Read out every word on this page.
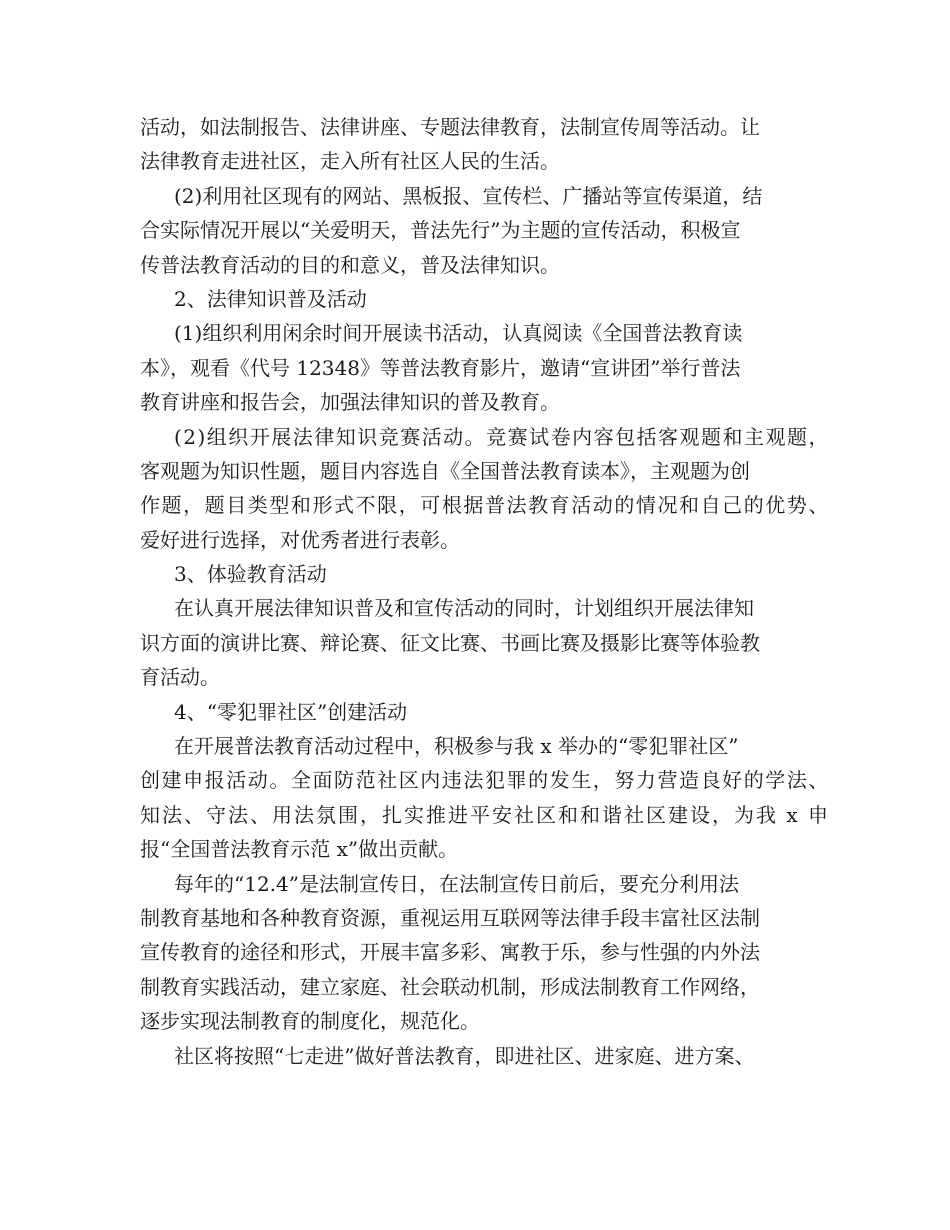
活动，如法制报告、法律讲座、专题法律教育，法制宣传周等活动。让
法律教育走进社区，走入所有社区人民的生活。
(2)利用社区现有的网站、黑板报、宣传栏、广播站等宣传渠道，结
合实际情况开展以“关爱明天，普法先行”为主题的宣传活动，积极宣
传普法教育活动的目的和意义，普及法律知识。
2、法律知识普及活动
(1)组织利用闲余时间开展读书活动，认真阅读《全国普法教育读
本》，观看《代号 12348》等普法教育影片，邀请“宣讲团”举行普法
教育讲座和报告会，加强法律知识的普及教育。
(2)组织开展法律知识竞赛活动。竞赛试卷内容包括客观题和主观题，
客观题为知识性题，题目内容选自《全国普法教育读本》，主观题为创
作题，题目类型和形式不限，可根据普法教育活动的情况和自己的优势、
爱好进行选择，对优秀者进行表彰。
3、体验教育活动
在认真开展法律知识普及和宣传活动的同时，计划组织开展法律知
识方面的演讲比赛、辩论赛、征文比赛、书画比赛及摄影比赛等体验教
育活动。
4、“零犯罪社区”创建活动
在开展普法教育活动过程中，积极参与我 x 举办的“零犯罪社区”
创建申报活动。全面防范社区内违法犯罪的发生，努力营造良好的学法、
知法、守法、用法氛围，扎实推进平安社区和和谐社区建设，为我 x 申
报“全国普法教育示范 x”做出贡献。
每年的“12.4”是法制宣传日，在法制宣传日前后，要充分利用法
制教育基地和各种教育资源，重视运用互联网等法律手段丰富社区法制
宣传教育的途径和形式，开展丰富多彩、寓教于乐，参与性强的内外法
制教育实践活动，建立家庭、社会联动机制，形成法制教育工作网络，
逐步实现法制教育的制度化，规范化。
社区将按照“七走进”做好普法教育，即进社区、进家庭、进方案、
